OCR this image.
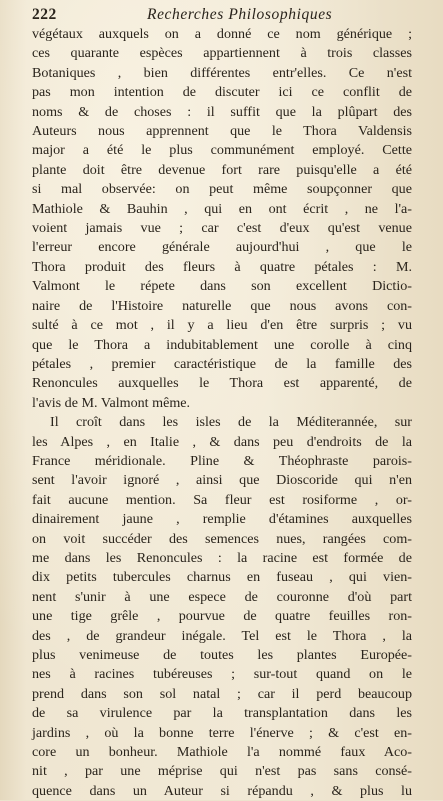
222	Recherches Philosophiques
végétaux auxquels on a donné ce nom générique ;
ces quarante espèces appartiennent à trois classes
Botaniques , bien différentes entr'elles. Ce n'est
pas mon intention de discuter ici ce conflit de
noms & de choses : il suffit que la plûpart des
Auteurs nous apprennent que le Thora Valdensis
major a été le plus communément employé. Cette
plante doit être devenue fort rare puisqu'elle a été
si mal observée: on peut même soupçonner que
Mathiole & Bauhin , qui en ont écrit , ne l'a-
voient jamais vue ; car c'est d'eux qu'est venue
l'erreur encore générale aujourd'hui , que le
Thora produit des fleurs à quatre pétales : M.
Valmont le répete dans son excellent Dictio-
naire de l'Histoire naturelle que nous avons con-
sulté à ce mot , il y a lieu d'en être surpris ; vu
que le Thora a indubitablement une corolle à cinq
pétales , premier caractéristique de la famille des
Renoncules auxquelles le Thora est apparenté, de
l'avis de M. Valmont même.
Il croît dans les isles de la Méditerannée, sur
les Alpes , en Italie , & dans peu d'endroits de la
France méridionale. Pline & Théophraste parois-
sent l'avoir ignoré , ainsi que Dioscoride qui n'en
fait aucune mention. Sa fleur est rosiforme , or-
dinairement jaune , remplie d'étamines auxquelles
on voit succéder des semences nues, rangées com-
me dans les Renoncules : la racine est formée de
dix petits tubercules charnus en fuseau , qui vien-
nent s'unir à une espece de couronne d'où part
une tige grêle , pourvue de quatre feuilles ron-
des , de grandeur inégale. Tel est le Thora , la
plus venimeuse de toutes les plantes Europée-
nes à racines tubéreuses ; sur-tout quand on le
prend dans son sol natal ; car il perd beaucoup
de sa virulence par la transplantation dans les
jardins , où la bonne terre l'énerve ; & c'est en-
core un bonheur. Mathiole l'a nommé faux Aco-
nit , par une méprise qui n'est pas sans consé-
quence dans un Auteur si répandu , & plus lu
